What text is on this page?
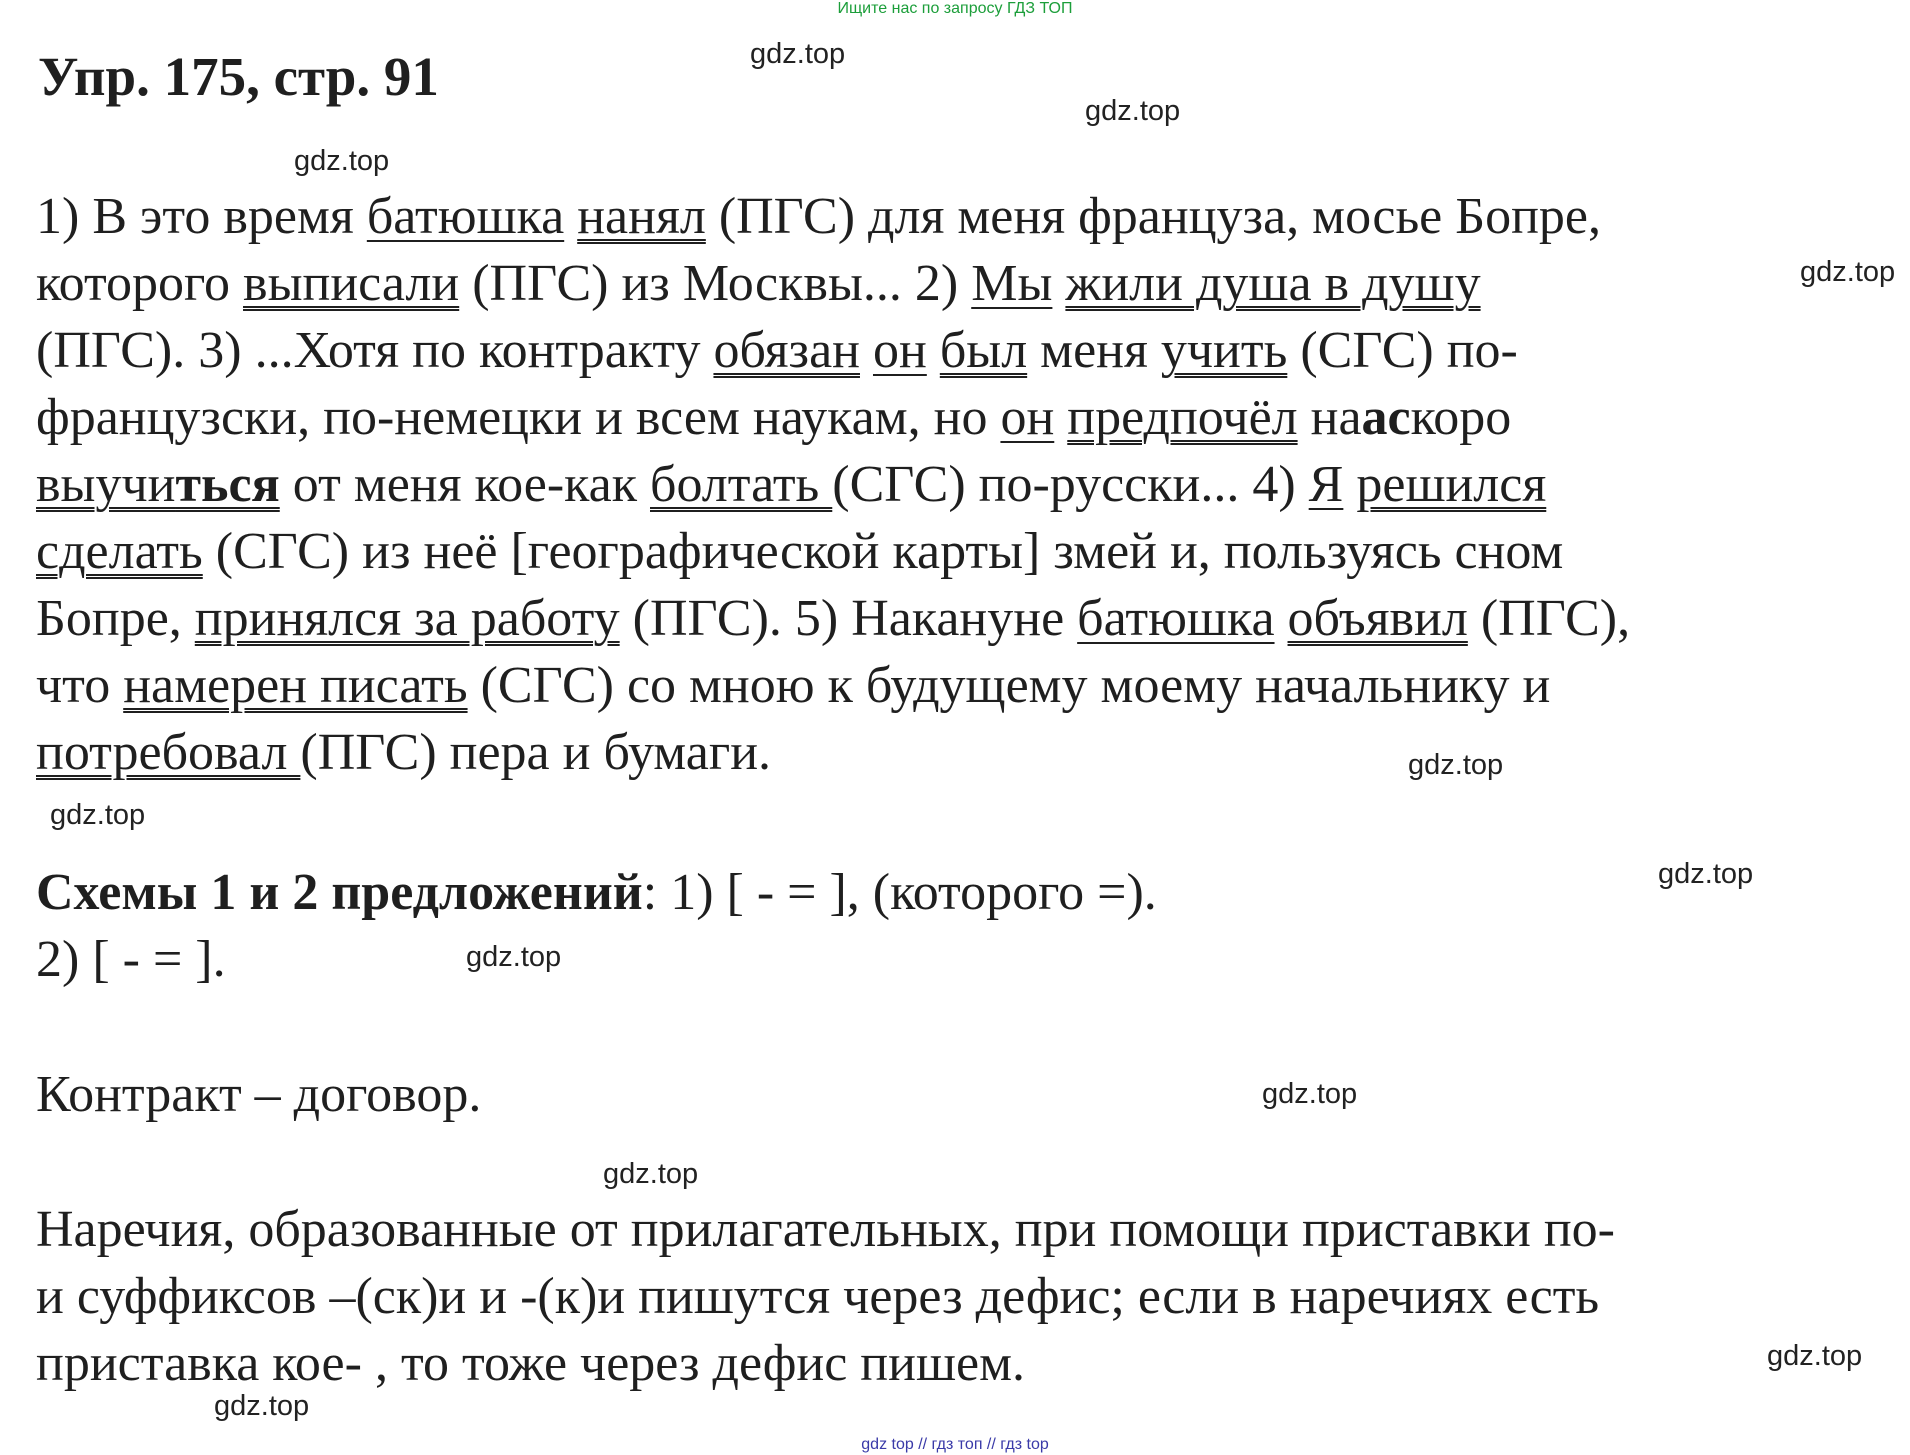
Ищите нас по запросу ГДЗ ТОП
Упр. 175, стр. 91	gdz.top
gdz.top
gdz.top
gdz.top
gdz.top
gdz.top
gdz.top
gdz.top
gdz.top
gdz.top
gdz.top
gdz.top
1) В это время батюшка нанял (ПГС) для меня француза, мосье Бопре,
которого выписали (ПГС) из Москвы... 2) Мы жили душа в душу
(ПГС). 3) ...Хотя по контракту обязан он был меня учить (СГС) по-
французски, по-немецки и всем наукам, но он предпочёл нааскоро
выучиться от меня кое-как болтать (СГС) по-русски... 4) Я решился
сделать (СГС) из неё [географической карты] змей и, пользуясь сном
Бопре, принялся за работу (ПГС). 5) Накануне батюшка объявил (ПГС),
что намерен писать (СГС) со мною к будущему моему начальнику и
потребовал (ПГС) пера и бумаги.
Схемы 1 и 2 предложений: 1) [ - = ], (которого =).
2) [ - = ].
Контракт – договор.
Наречия, образованные от прилагательных, при помощи приставки по-
и суффиксов –(ск)и и -(к)и пишутся через дефис; если в наречиях есть
приставка кое- , то тоже через дефис пишем.
gdz top // гдз топ // гдз top
